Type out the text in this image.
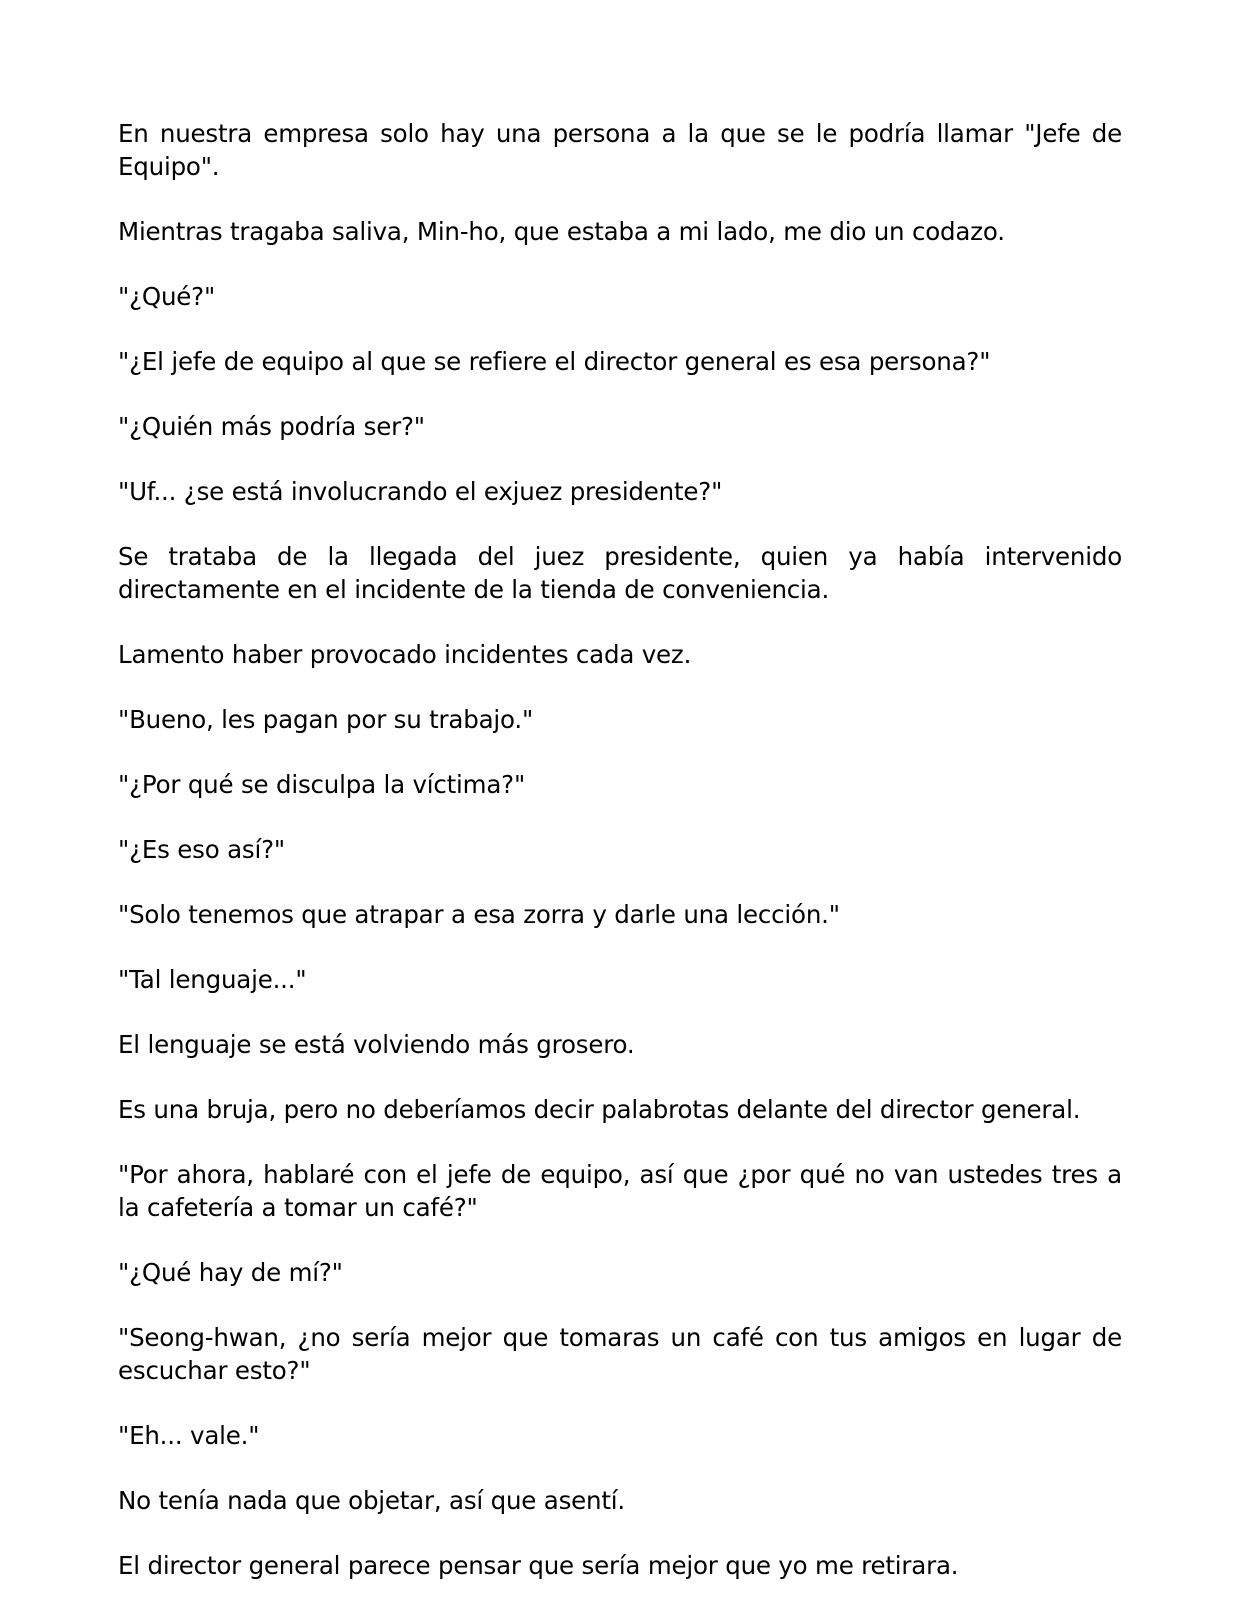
En nuestra empresa solo hay una persona a la que se le podría llamar "Jefe de Equipo".

Mientras tragaba saliva, Min-ho, que estaba a mi lado, me dio un codazo.

"¿Qué?"

"¿El jefe de equipo al que se refiere el director general es esa persona?"

"¿Quién más podría ser?"

"Uf... ¿se está involucrando el exjuez presidente?"

Se trataba de la llegada del juez presidente, quien ya había intervenido directamente en el incidente de la tienda de conveniencia.

Lamento haber provocado incidentes cada vez.

"Bueno, les pagan por su trabajo."

"¿Por qué se disculpa la víctima?"

"¿Es eso así?"

"Solo tenemos que atrapar a esa zorra y darle una lección."

"Tal lenguaje..."

El lenguaje se está volviendo más grosero.

Es una bruja, pero no deberíamos decir palabrotas delante del director general.

"Por ahora, hablaré con el jefe de equipo, así que ¿por qué no van ustedes tres a la cafetería a tomar un café?"

"¿Qué hay de mí?"

"Seong-hwan, ¿no sería mejor que tomaras un café con tus amigos en lugar de escuchar esto?"

"Eh... vale."

No tenía nada que objetar, así que asentí.

El director general parece pensar que sería mejor que yo me retirara.
